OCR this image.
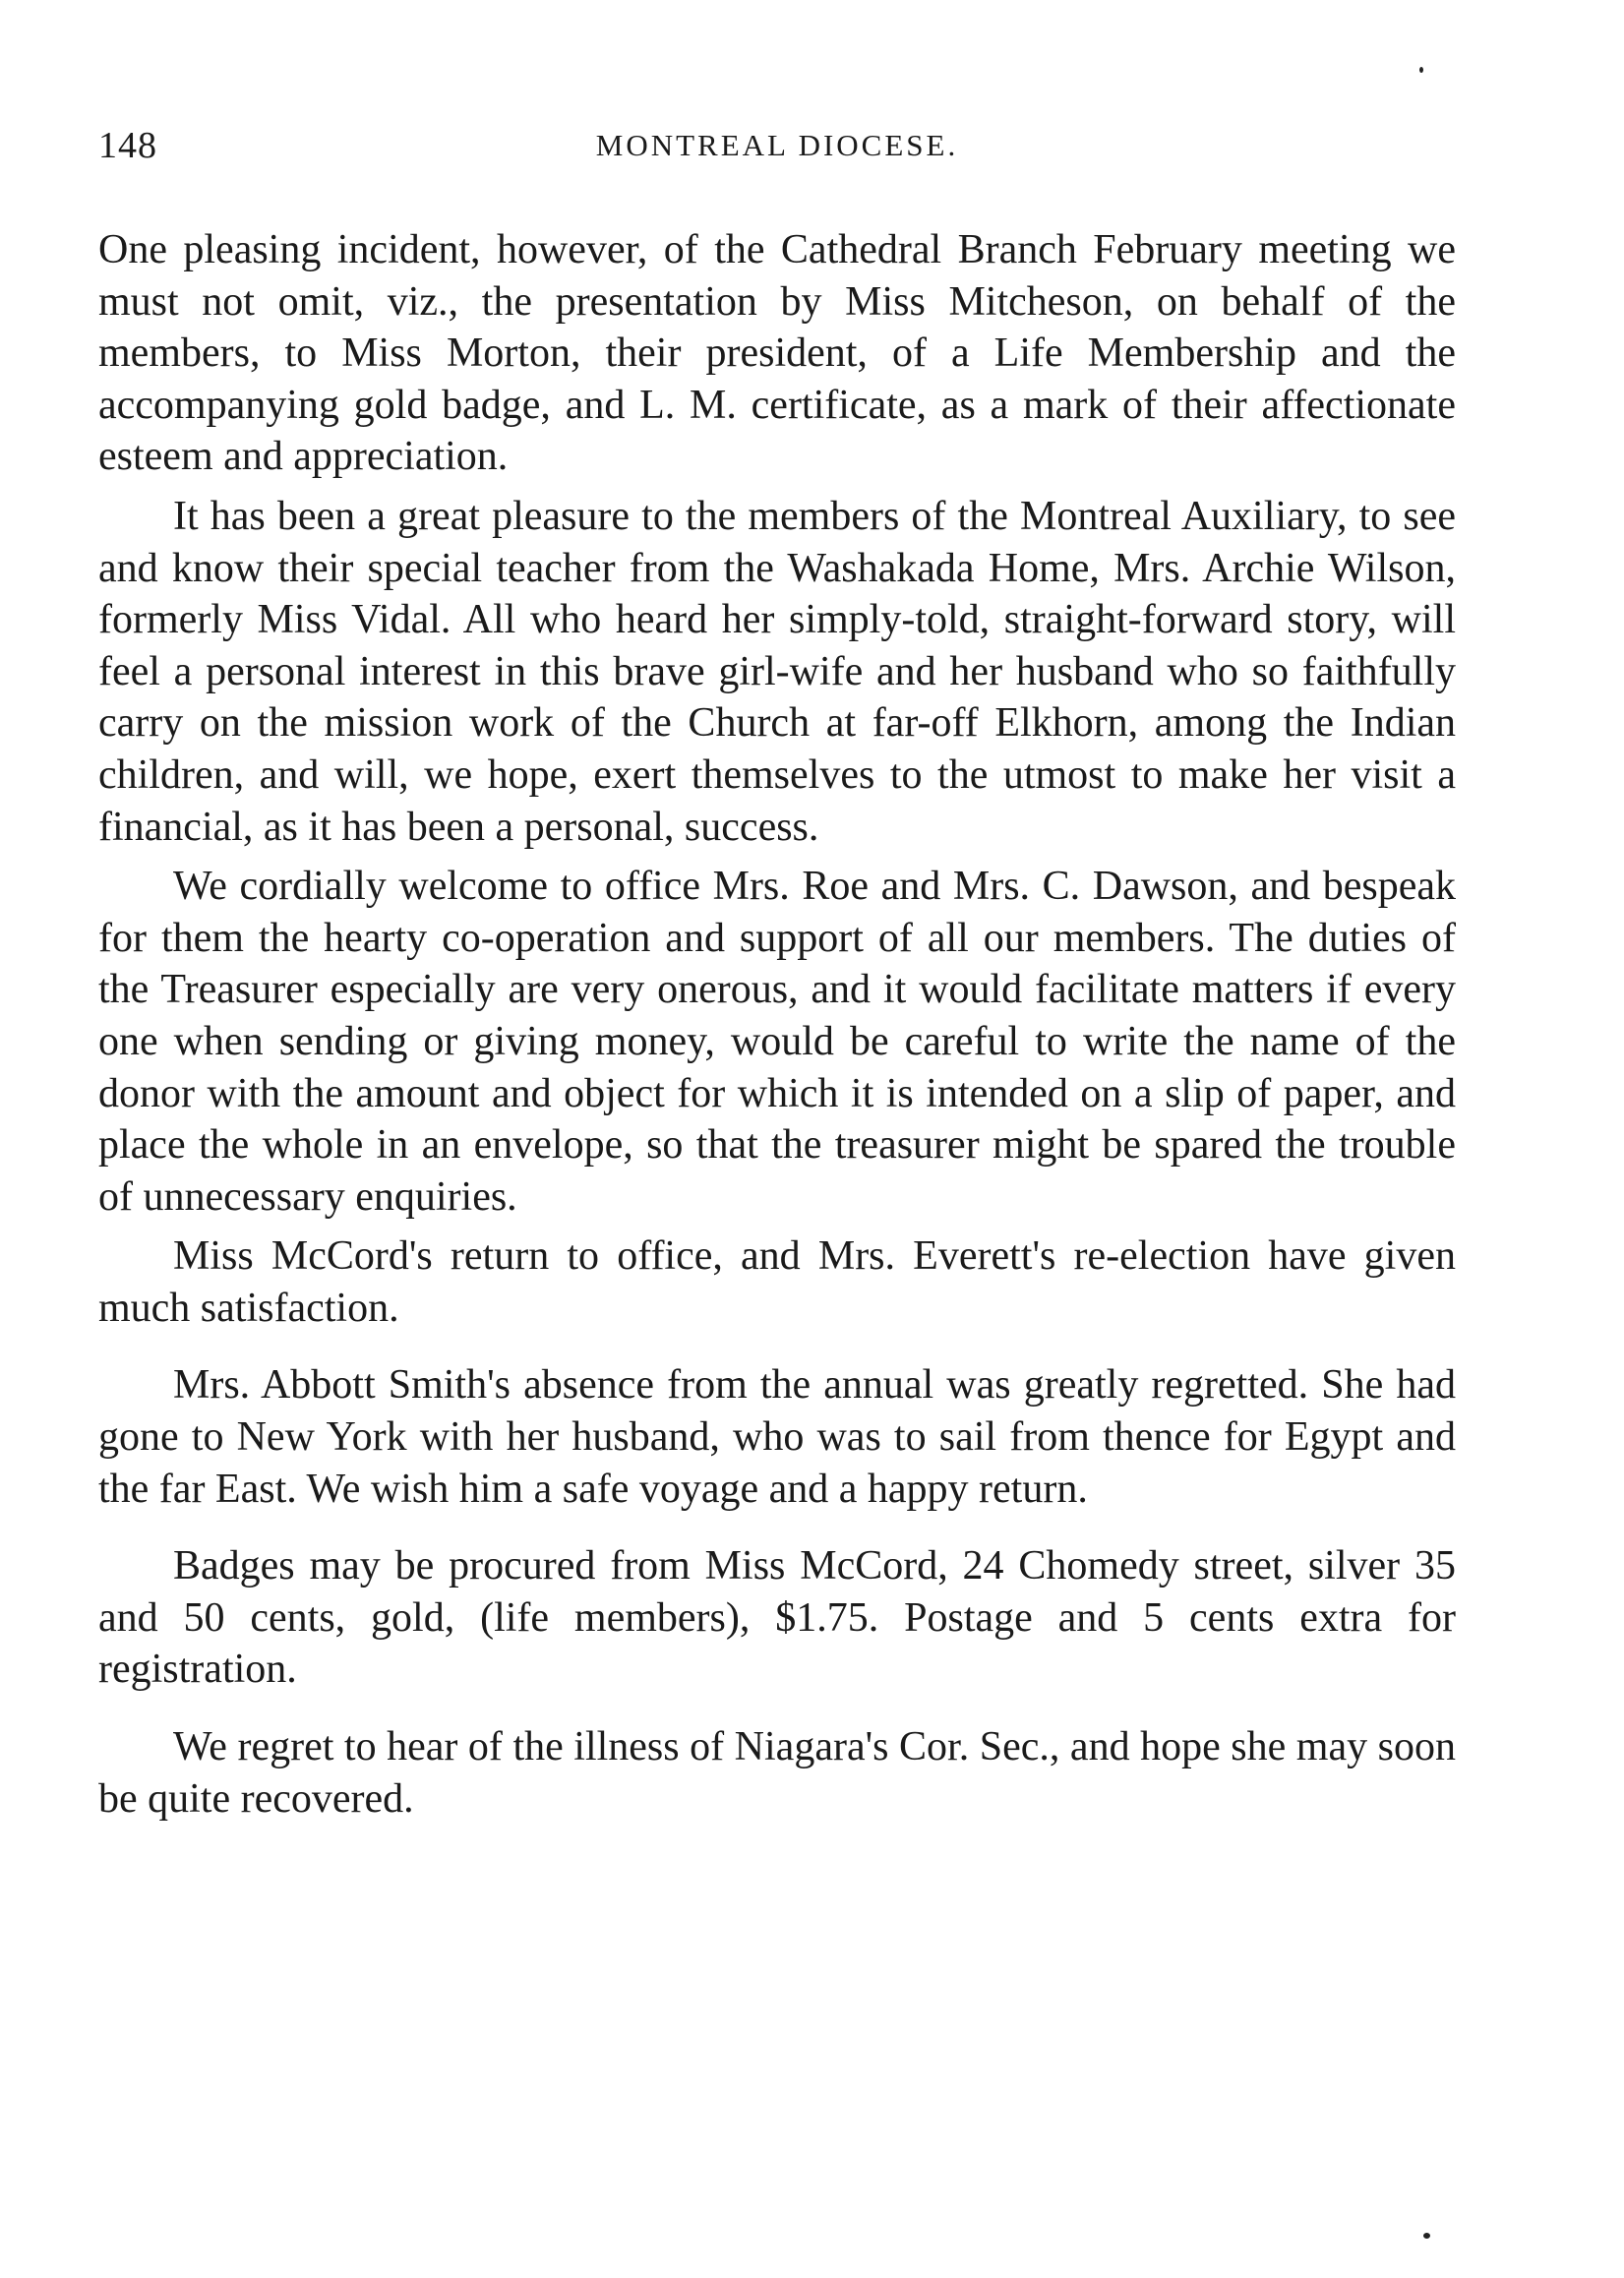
148	MONTREAL DIOCESE.

One pleasing incident, however, of the Cathedral Branch February meeting we must not omit, viz., the presentation by Miss Mitcheson, on behalf of the members, to Miss Morton, their president, of a Life Membership and the accompanying gold badge, and L. M. certificate, as a mark of their affectionate esteem and appreciation.

It has been a great pleasure to the members of the Montreal Auxiliary, to see and know their special teacher from the Washakada Home, Mrs. Archie Wilson, formerly Miss Vidal. All who heard her simply-told, straight-forward story, will feel a personal interest in this brave girl-wife and her husband who so faithfully carry on the mission work of the Church at far-off Elkhorn, among the Indian children, and will, we hope, exert themselves to the utmost to make her visit a financial, as it has been a personal, success.

We cordially welcome to office Mrs. Roe and Mrs. C. Dawson, and bespeak for them the hearty co-operation and support of all our members. The duties of the Treasurer especially are very onerous, and it would facilitate matters if every one when sending or giving money, would be careful to write the name of the donor with the amount and object for which it is intended on a slip of paper, and place the whole in an envelope, so that the treasurer might be spared the trouble of unnecessary enquiries.

Miss McCord's return to office, and Mrs. Everett's re-election have given much satisfaction.

Mrs. Abbott Smith's absence from the annual was greatly regretted. She had gone to New York with her husband, who was to sail from thence for Egypt and the far East. We wish him a safe voyage and a happy return.

Badges may be procured from Miss McCord, 24 Chomedy street, silver 35 and 50 cents, gold, (life members), $1.75. Postage and 5 cents extra for registration.

We regret to hear of the illness of Niagara's Cor. Sec., and hope she may soon be quite recovered.
